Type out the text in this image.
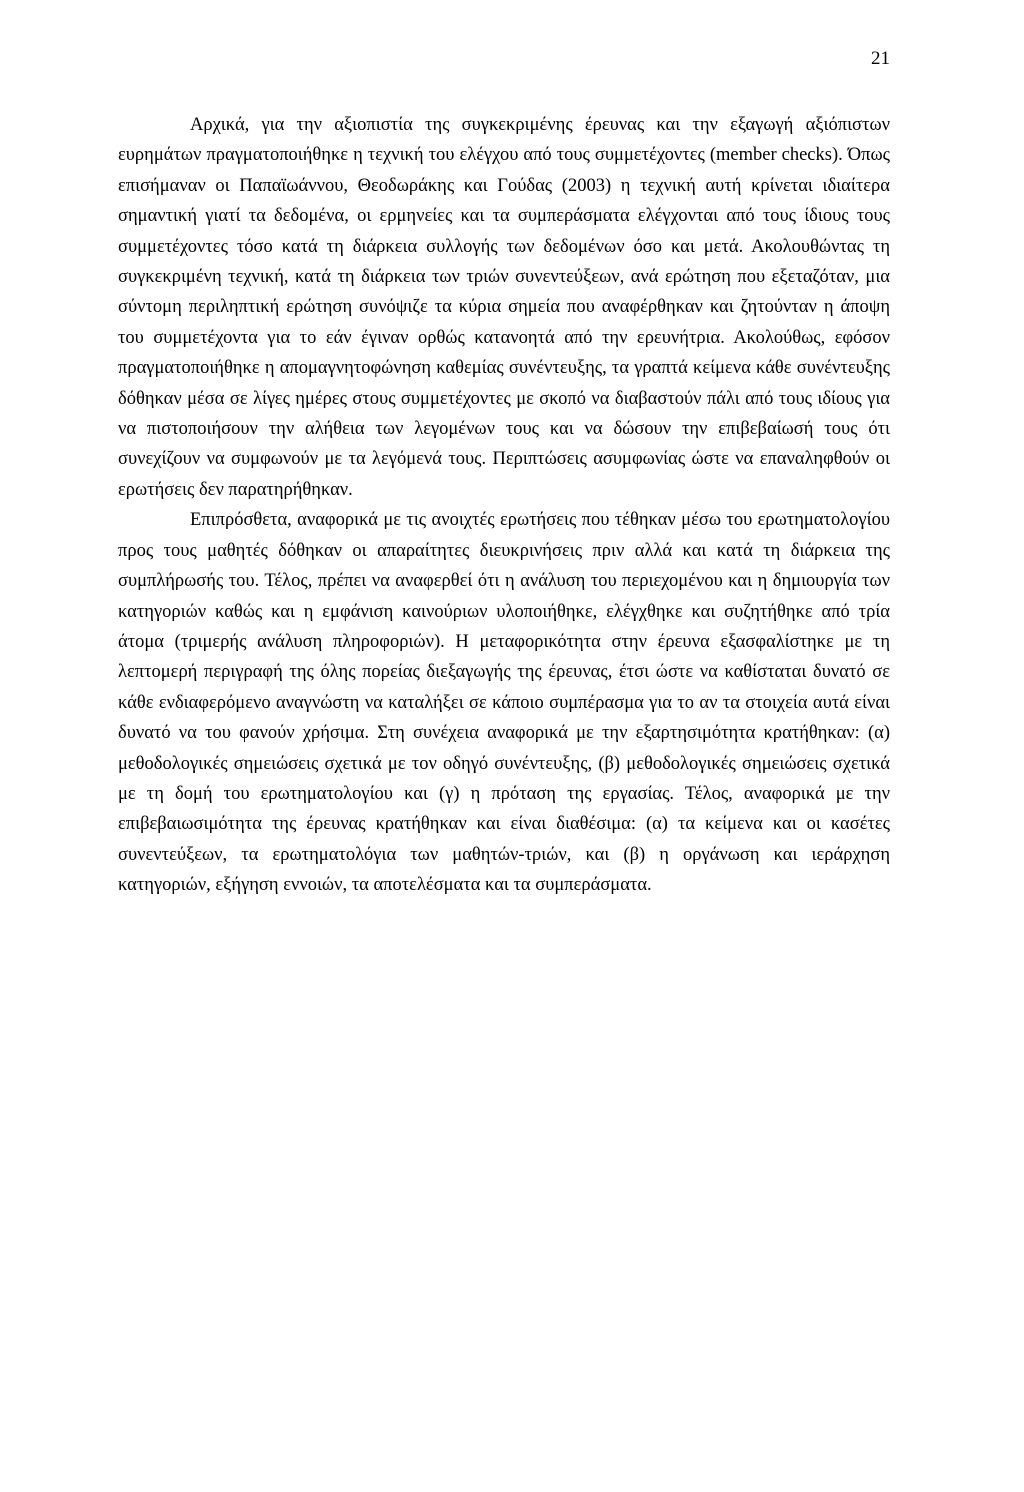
21

Αρχικά, για την αξιοπιστία της συγκεκριμένης έρευνας και την εξαγωγή αξιόπιστων ευρημάτων πραγματοποιήθηκε η τεχνική του ελέγχου από τους συμμετέχοντες (member checks). Όπως επισήμαναν οι Παπαϊωάννου, Θεοδωράκης και Γούδας (2003) η τεχνική αυτή κρίνεται ιδιαίτερα σημαντική γιατί τα δεδομένα, οι ερμηνείες και τα συμπεράσματα ελέγχονται από τους ίδιους τους συμμετέχοντες τόσο κατά τη διάρκεια συλλογής των δεδομένων όσο και μετά. Ακολουθώντας τη συγκεκριμένη τεχνική, κατά τη διάρκεια των τριών συνεντεύξεων, ανά ερώτηση που εξεταζόταν, μια σύντομη περιληπτική ερώτηση συνόψιζε τα κύρια σημεία που αναφέρθηκαν και ζητούνταν η άποψη του συμμετέχοντα για το εάν έγιναν ορθώς κατανοητά από την ερευνήτρια. Ακολούθως, εφόσον πραγματοποιήθηκε η απομαγνητοφώνηση καθεμίας συνέντευξης, τα γραπτά κείμενα κάθε συνέντευξης δόθηκαν μέσα σε λίγες ημέρες στους συμμετέχοντες με σκοπό να διαβαστούν πάλι από τους ιδίους για να πιστοποιήσουν την αλήθεια των λεγομένων τους και να δώσουν την επιβεβαίωσή τους ότι συνεχίζουν να συμφωνούν με τα λεγόμενά τους. Περιπτώσεις ασυμφωνίας ώστε να επαναληφθούν οι ερωτήσεις δεν παρατηρήθηκαν.

Επιπρόσθετα, αναφορικά με τις ανοιχτές ερωτήσεις που τέθηκαν μέσω του ερωτηματολογίου προς τους μαθητές δόθηκαν οι απαραίτητες διευκρινήσεις πριν αλλά και κατά τη διάρκεια της συμπλήρωσής του. Τέλος, πρέπει να αναφερθεί ότι η ανάλυση του περιεχομένου και η δημιουργία των κατηγοριών καθώς και η εμφάνιση καινούριων υλοποιήθηκε, ελέγχθηκε και συζητήθηκε από τρία άτομα (τριμερής ανάλυση πληροφοριών). Η μεταφορικότητα στην έρευνα εξασφαλίστηκε με τη λεπτομερή περιγραφή της όλης πορείας διεξαγωγής της έρευνας, έτσι ώστε να καθίσταται δυνατό σε κάθε ενδιαφερόμενο αναγνώστη να καταλήξει σε κάποιο συμπέρασμα για το αν τα στοιχεία αυτά είναι δυνατό να του φανούν χρήσιμα. Στη συνέχεια αναφορικά με την εξαρτησιμότητα κρατήθηκαν: (α) μεθοδολογικές σημειώσεις σχετικά με τον οδηγό συνέντευξης, (β) μεθοδολογικές σημειώσεις σχετικά με τη δομή του ερωτηματολογίου και (γ) η πρόταση της εργασίας. Τέλος, αναφορικά με την επιβεβαιωσιμότητα της έρευνας κρατήθηκαν και είναι διαθέσιμα: (α) τα κείμενα και οι κασέτες συνεντεύξεων, τα ερωτηματολόγια των μαθητών-τριών, και (β) η οργάνωση και ιεράρχηση κατηγοριών, εξήγηση εννοιών, τα αποτελέσματα και τα συμπεράσματα.
